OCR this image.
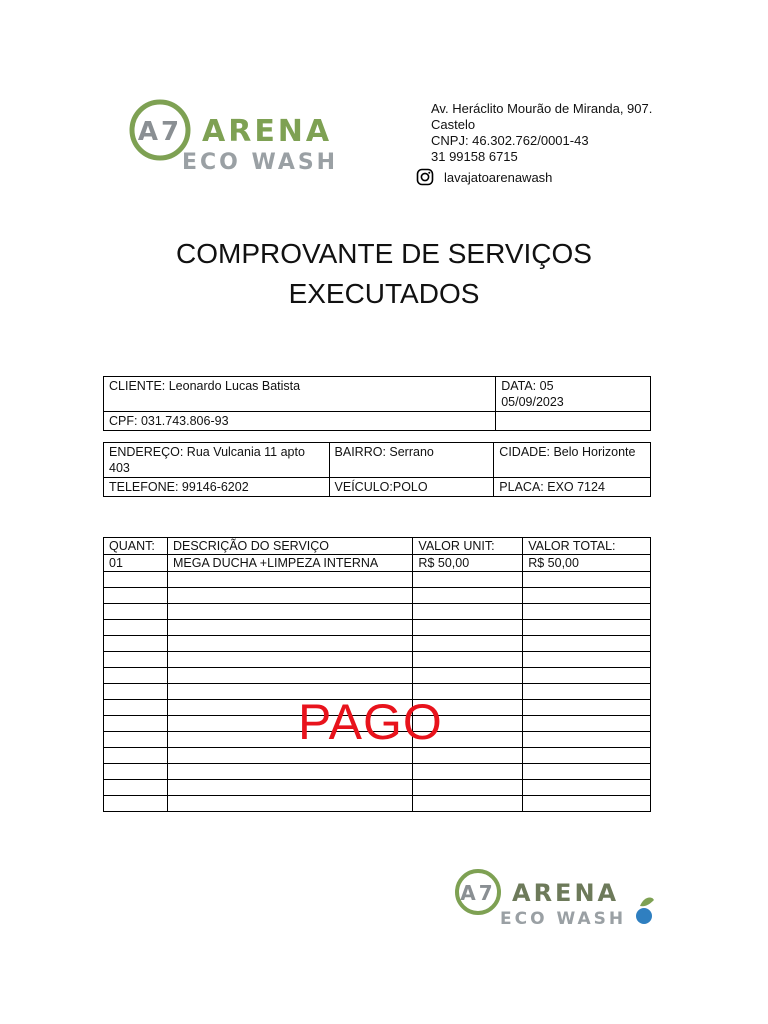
A7 ARENA
ECO WASH
Av. Heráclito Mourão de Miranda, 907.
Castelo
CNPJ: 46.302.762/0001-43
31 99158 6715
lavajatoarenawash
COMPROVANTE DE SERVIÇOS
EXECUTADOS
CLIENTE: Leonardo Lucas Batista	DATA: 05
05/09/2023
CPF: 031.743.806-93	
ENDEREÇO: Rua Vulcania 11 apto 403	BAIRRO: Serrano	CIDADE: Belo Horizonte
TELEFONE: 99146-6202	VEÍCULO:POLO	PLACA: EXO 7124
QUANT:	DESCRIÇÃO DO SERVIÇO	VALOR UNIT:	VALOR TOTAL:
01	MEGA DUCHA +LIMPEZA INTERNA	R$ 50,00	R$ 50,00

PAGO
A7 ARENA
ECO WASH
